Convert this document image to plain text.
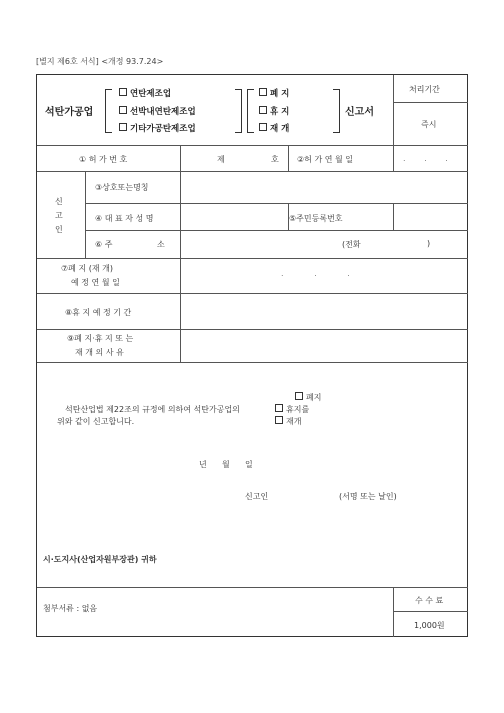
[별지 제6호 서식] <개정 93.7.24>
석탄가공업
연탄제조업
선박내연탄제조업
기타가공탄제조업
폐 지
휴 지
재 개
신고서
처리기간
즉시
① 허 가 번 호	제	호 ②허 가 연 월 일	. . .
신
고
인
③상호또는명칭
④ 대 표 자 성 명	⑤주민등록번호
⑥ 주	소	(전화	)
⑦폐 지 (재 개)
예 정 연 월 일
. . .
⑧휴 지 예 정 기 간
⑨폐 지·휴 지 또 는
재 개 의 사 유
폐지
석탄산업법 제22조의 규정에 의하여 석탄가공업의	휴지를
위와 같이 신고합니다.	재개
년      월      일
신고인	(서명 또는 날인)
시·도지사(산업자원부장관) 귀하
첨부서류 : 없음
수 수 료
1,000원
